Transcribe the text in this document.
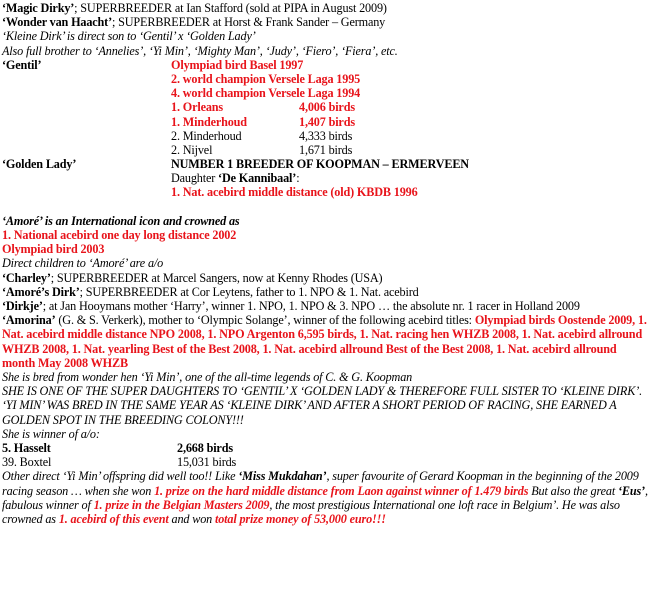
‘Magic Dirky’; SUPERBREEDER at Ian Stafford (sold at PIPA in August 2009)
‘Wonder van Haacht’; SUPERBREEDER at Horst & Frank Sander – Germany
‘Kleine Dirk’ is direct son to ‘Gentil’ x ‘Golden Lady’
Also full brother to ‘Annelies’, ‘Yi Min’, ‘Mighty Man’, ‘Judy’, ‘Fiero’, ‘Fiera’, etc.
‘Gentil’	Olympiad bird Basel 1997
2. world champion Versele Laga 1995
4. world champion Versele Laga 1994
1. Orleans	4,006 birds
1. Minderhoud	1,407 birds
2. Minderhoud	4,333 birds
2. Nijvel	1,671 birds
‘Golden Lady’	NUMBER 1 BREEDER OF KOOPMAN – ERMERVEEN
Daughter ‘De Kannibaal’:
1. Nat. acebird middle distance (old) KBDB 1996
‘Amoré’ is an International icon and crowned as
1. National acebird one day long distance 2002
Olympiad bird 2003
Direct children to ‘Amoré’ are a/o
‘Charley’; SUPERBREEDER at Marcel Sangers, now at Kenny Rhodes (USA)
‘Amoré’s Dirk’; SUPERBREEDER at Cor Leytens, father to 1. NPO & 1. Nat. acebird
‘Dirkje’; at Jan Hooymans mother ‘Harry’, winner 1. NPO, 1. NPO & 3. NPO … the absolute nr. 1 racer in Holland 2009
‘Amorina’ (G. & S. Verkerk), mother to ‘Olympic Solange’, winner of the following acebird titles: Olympiad birds Oostende 2009, 1. Nat. acebird middle distance NPO 2008, 1. NPO Argenton 6,595 birds, 1. Nat. racing hen WHZB 2008, 1. Nat. acebird allround WHZB 2008, 1. Nat. yearling Best of the Best 2008, 1. Nat. acebird allround Best of the Best 2008, 1. Nat. acebird allround month May 2008 WHZB
She is bred from wonder hen ‘Yi Min’, one of the all-time legends of C. & G. Koopman
SHE IS ONE OF THE SUPER DAUGHTERS TO ‘GENTIL’ X ‘GOLDEN LADY & THEREFORE FULL SISTER TO ‘KLEINE DIRK’. ‘YI MIN’ WAS BRED IN THE SAME YEAR AS ‘KLEINE DIRK’ AND AFTER A SHORT PERIOD OF RACING, SHE EARNED A GOLDEN SPOT IN THE BREEDING COLONY!!!
She is winner of a/o:
5. Hasselt	2,668 birds
39. Boxtel	15,031 birds
Other direct ‘Yi Min’ offspring did well too!! Like ‘Miss Mukdahan’, super favourite of Gerard Koopman in the beginning of the 2009 racing season … when she won 1. prize on the hard middle distance from Laon against winner of 1.479 birds But also the great ‘Eus’, fabulous winner of 1. prize in the Belgian Masters 2009, the most prestigious International one loft race in Belgium’. He was also crowned as 1. acebird of this event and won total prize money of 53,000 euro!!!
